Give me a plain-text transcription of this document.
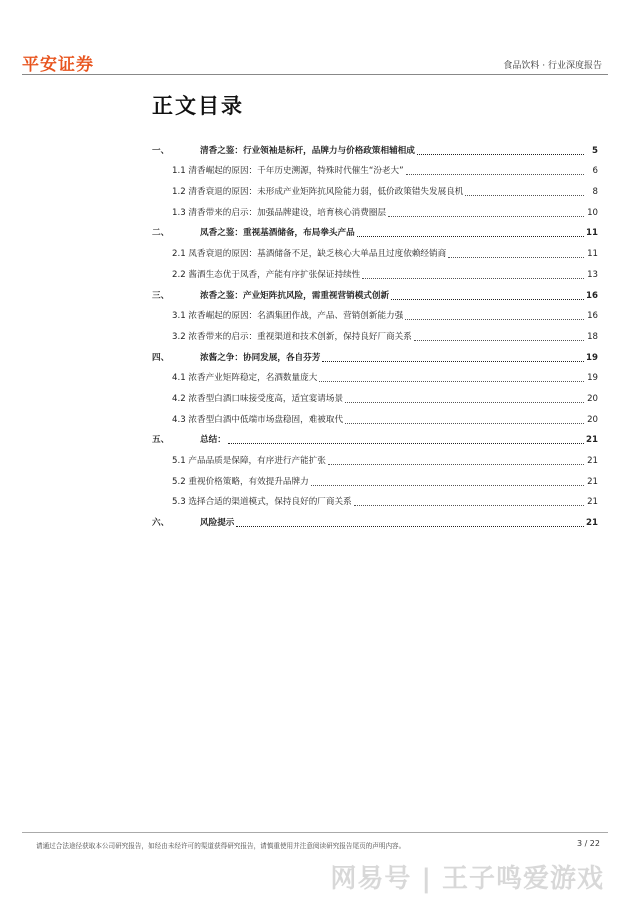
平安证券	食品饮料 · 行业深度报告
正文目录
一、	清香之鉴：行业领袖是标杆，品牌力与价格政策相辅相成	5
1.1 清香崛起的原因：千年历史溯源，特殊时代催生“汾老大”	6
1.2 清香衰退的原因：未形成产业矩阵抗风险能力弱，低价政策错失发展良机	8
1.3 清香带来的启示：加强品牌建设，培育核心消费圈层	10
二、	凤香之鉴：重视基酒储备，布局拳头产品	11
2.1 凤香衰退的原因：基酒储备不足，缺乏核心大单品且过度依赖经销商	11
2.2 酱酒生态优于凤香，产能有序扩张保证持续性	13
三、	浓香之鉴：产业矩阵抗风险，需重视营销模式创新	16
3.1 浓香崛起的原因：名酒集团作战，产品、营销创新能力强	16
3.2 浓香带来的启示：重视渠道和技术创新，保持良好厂商关系	18
四、	浓酱之争：协同发展，各自芬芳	19
4.1 浓香产业矩阵稳定，名酒数量庞大	19
4.2 浓香型白酒口味接受度高，适宜宴请场景	20
4.3 浓香型白酒中低端市场盘稳固，难被取代	20
五、	总结：	21
5.1 产品品质是保障，有序进行产能扩张	21
5.2 重视价格策略，有效提升品牌力	21
5.3 选择合适的渠道模式，保持良好的厂商关系	21
六、	风险提示	21
请通过合法途径获取本公司研究报告，如经由未经许可的渠道获得研究报告，请慎重使用并注意阅读研究报告尾页的声明内容。	3 / 22
网易号 | 王子鸣爱游戏
